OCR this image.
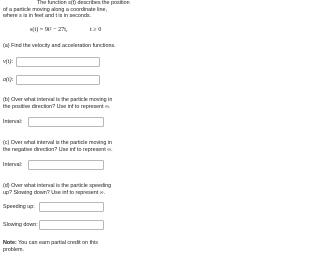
The function s(t) describes the position
of a particle moving along a coordinate line,
where s is in feet and t is in seconds.
s(t) = 9t² − 27t,	t ≥ 0
(a) Find the velocity and acceleration functions.
v(t):
a(t):
(b) Over what interval is the particle moving in
the positive direction? Use inf to represent ∞.
Interval:
(c) Over what interval is the particle moving in
the negative direction? Use inf to represent ∞.
Interval:
(d) Over what interval is the particle speeding
up? Slowing down? Use inf to represent ∞.
Speeding up:
Slowing down:
Note: You can earn partial credit on this
problem.
